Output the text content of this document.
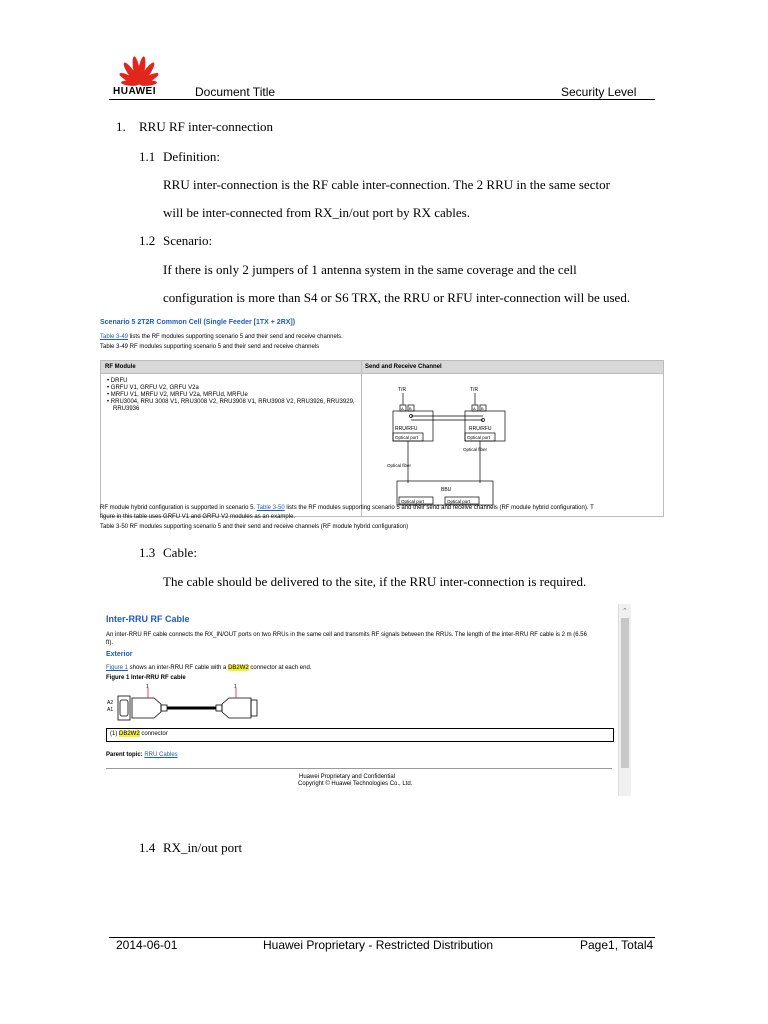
HUAWEI	Document Title	Security Level
1. RRU RF inter-connection
1.1 Definition:
RRU inter-connection is the RF cable inter-connection. The 2 RRU in the same sector
will be inter-connected from RX_in/out port by RX cables.
1.2 Scenario:
If there is only 2 jumpers of 1 antenna system in the same coverage and the cell
configuration is more than S4 or S6 TRX, the RRU or RFU inter-connection will be used.
Scenario 5 2T2R Common Cell (Single Feeder [1TX + 2RX])
Table 3-49 lists the RF modules supporting scenario 5 and their send and receive channels.
Table 3-49 RF modules supporting scenario 5 and their send and receive channels
RF Module	Send and Receive Channel
• DRFU
• GRFU V1, GRFU V2, GRFU V2a
• MRFU V1, MRFU V2, MRFU V2a, MRFUd, MRFUe
• RRU3004, RRU 3008 V1, RRU3008 V2, RRU3908 V1, RRU3908 V2, RRU3926, RRU3929,
RRU3936
T/R	T/R
A B	A B
RRU/RFU	RRU/RFU
Optical port	Optical port
Optical fiber
Optical fiber
BBU
Optical port	Optical port
RF module hybrid configuration is supported in scenario 5. Table 3-50 lists the RF modules supporting scenario 5 and their send and receive channels (RF module hybrid configuration). T
figure in this table uses GRFU V1 and GRFU V2 modules as an example.
Table 3-50 RF modules supporting scenario 5 and their send and receive channels (RF module hybrid configuration)
1.3 Cable:
The cable should be delivered to the site, if the RRU inter-connection is required.
Inter-RRU RF Cable
An inter-RRU RF cable connects the RX_IN/OUT ports on two RRUs in the same cell and transmits RF signals between the RRUs. The length of the inter-RRU RF cable is 2 m (6.56
ft).
Exterior
Figure 1 shows an inter-RRU RF cable with a DB2W2 connector at each end.
Figure 1 Inter-RRU RF cable
A2
A1
1	1
(1) DB2W2 connector
Parent topic: RRU Cables
Huawei Proprietary and Confidential
Copyright © Huawei Technologies Co., Ltd.
⌃
1.4 RX_in/out port
2014-06-01	Huawei Proprietary - Restricted Distribution	Page1, Total4
